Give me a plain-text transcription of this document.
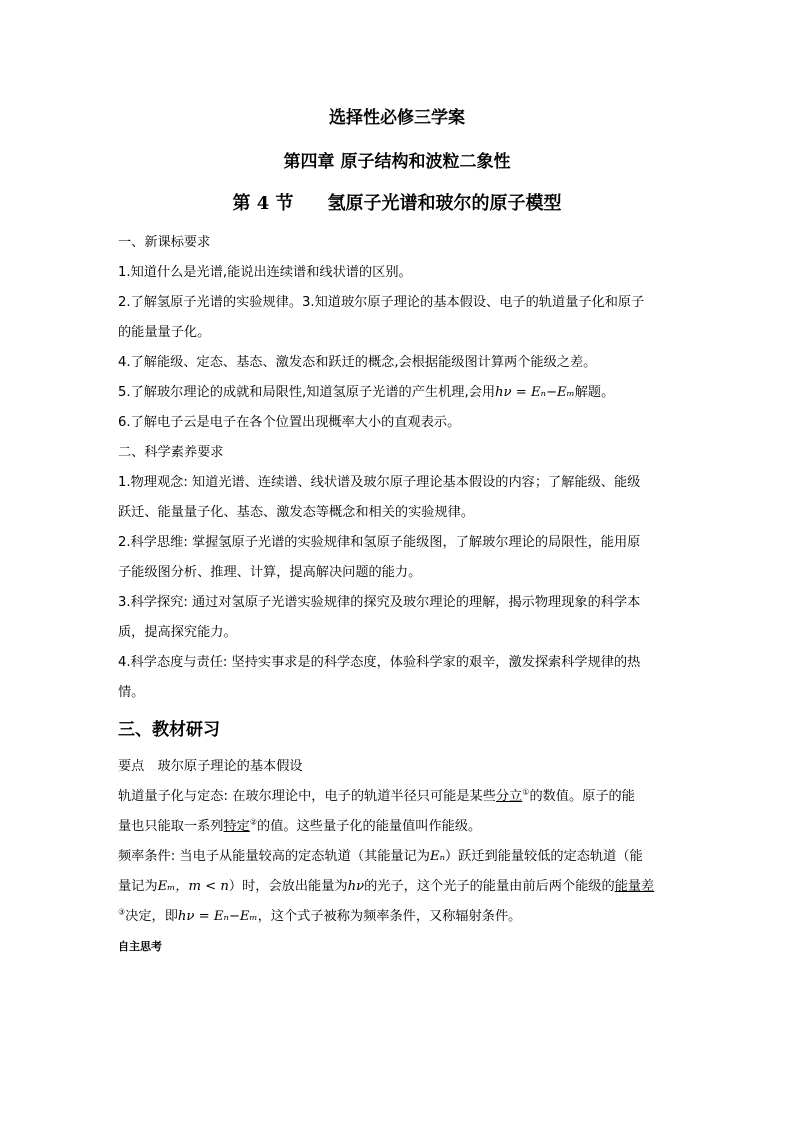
选择性必修三学案
第四章 原子结构和波粒二象性
第 4 节 氢原子光谱和玻尔的原子模型

一、新课标要求

1.知道什么是光谱,能说出连续谱和线状谱的区别。

2.了解氢原子光谱的实验规律。3.知道玻尔原子理论的基本假设、电子的轨道量子化和原子

的能量量子化。

4.了解能级、定态、基态、激发态和跃迁的概念,会根据能级图计算两个能级之差。

5.了解玻尔理论的成就和局限性,知道氢原子光谱的产生机理,会用hν = Eₙ−Eₘ解题。

6.了解电子云是电子在各个位置出现概率大小的直观表示。

二、科学素养要求

1.物理观念: 知道光谱、连续谱、线状谱及玻尔原子理论基本假设的内容；了解能级、能级

跃迁、能量量子化、基态、激发态等概念和相关的实验规律。

2.科学思维: 掌握氢原子光谱的实验规律和氢原子能级图，了解玻尔理论的局限性，能用原

子能级图分析、推理、计算，提高解决问题的能力。

3.科学探究: 通过对氢原子光谱实验规律的探究及玻尔理论的理解，揭示物理现象的科学本

质，提高探究能力。

4.科学态度与责任: 坚持实事求是的科学态度，体验科学家的艰辛，激发探索科学规律的热

情。

三、教材研习

要点　玻尔原子理论的基本假设

轨道量子化与定态: 在玻尔理论中，电子的轨道半径只可能是某些分立①的数值。原子的能

量也只能取一系列特定②的值。这些量子化的能量值叫作能级。

频率条件: 当电子从能量较高的定态轨道（其能量记为Eₙ）跃迁到能量较低的定态轨道（能

量记为Eₘ，m < n）时，会放出能量为hν的光子，这个光子的能量由前后两个能级的能量差

③决定，即hν = Eₙ−Eₘ，这个式子被称为频率条件，又称辐射条件。

自主思考
